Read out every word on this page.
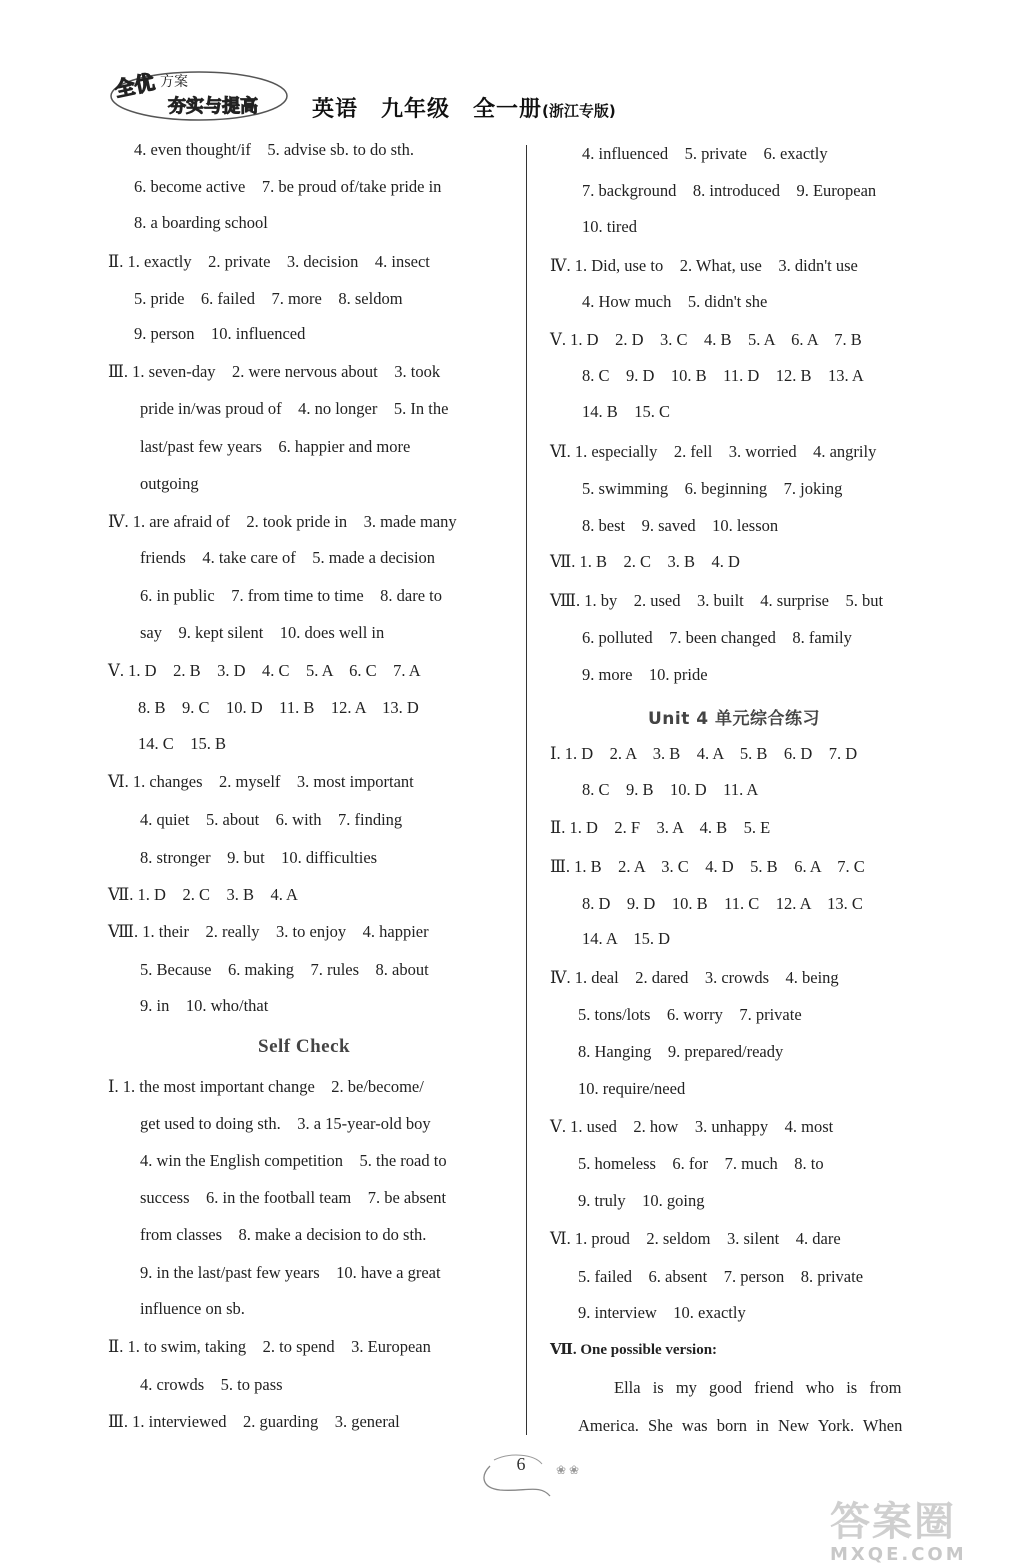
全优 方案
夯实与提高 英语　九年级　全一册(浙江专版)
4. even thought/if　5. advise sb. to do sth.
6. become active　7. be proud of/take pride in
8. a boarding school
Ⅱ. 1. exactly　2. private　3. decision　4. insect
5. pride　6. failed　7. more　8. seldom
9. person　10. influenced
Ⅲ. 1. seven-day　2. were nervous about　3. took
pride in/was proud of　4. no longer　5. In the
last/past few years　6. happier and more
outgoing
Ⅳ. 1. are afraid of　2. took pride in　3. made many
friends　4. take care of　5. made a decision
6. in public　7. from time to time　8. dare to
say　9. kept silent　10. does well in
Ⅴ. 1. D　2. B　3. D　4. C　5. A　6. C　7. A
8. B　9. C　10. D　11. B　12. A　13. D
14. C　15. B
Ⅵ. 1. changes　2. myself　3. most important
4. quiet　5. about　6. with　7. finding
8. stronger　9. but　10. difficulties
Ⅶ. 1. D　2. C　3. B　4. A
Ⅷ. 1. their　2. really　3. to enjoy　4. happier
5. Because　6. making　7. rules　8. about
9. in　10. who/that
Self Check
Ⅰ. 1. the most important change　2. be/become/
get used to doing sth.　3. a 15-year-old boy
4. win the English competition　5. the road to
success　6. in the football team　7. be absent
from classes　8. make a decision to do sth.
9. in the last/past few years　10. have a great
influence on sb.
Ⅱ. 1. to swim, taking　2. to spend　3. European
4. crowds　5. to pass
Ⅲ. 1. interviewed　2. guarding　3. general
4. influenced　5. private　6. exactly
7. background　8. introduced　9. European
10. tired
Ⅳ. 1. Did, use to　2. What, use　3. didn't use
4. How much　5. didn't she
Ⅴ. 1. D　2. D　3. C　4. B　5. A　6. A　7. B
8. C　9. D　10. B　11. D　12. B　13. A
14. B　15. C
Ⅵ. 1. especially　2. fell　3. worried　4. angrily
5. swimming　6. beginning　7. joking
8. best　9. saved　10. lesson
Ⅶ. 1. B　2. C　3. B　4. D
Ⅷ. 1. by　2. used　3. built　4. surprise　5. but
6. polluted　7. been changed　8. family
9. more　10. pride
Unit 4 单元综合练习
Ⅰ. 1. D　2. A　3. B　4. A　5. B　6. D　7. D
8. C　9. B　10. D　11. A
Ⅱ. 1. D　2. F　3. A　4. B　5. E
Ⅲ. 1. B　2. A　3. C　4. D　5. B　6. A　7. C
8. D　9. D　10. B　11. C　12. A　13. C
14. A　15. D
Ⅳ. 1. deal　2. dared　3. crowds　4. being
5. tons/lots　6. worry　7. private
8. Hanging　9. prepared/ready
10. require/need
Ⅴ. 1. used　2. how　3. unhappy　4. most
5. homeless　6. for　7. much　8. to
9. truly　10. going
Ⅵ. 1. proud　2. seldom　3. silent　4. dare
5. failed　6. absent　7. person　8. private
9. interview　10. exactly
Ⅶ. One possible version:
Ella is my good friend who is from
America. She was born in New York. When
❀ ❀
6
答案圈
MXQE.COM
